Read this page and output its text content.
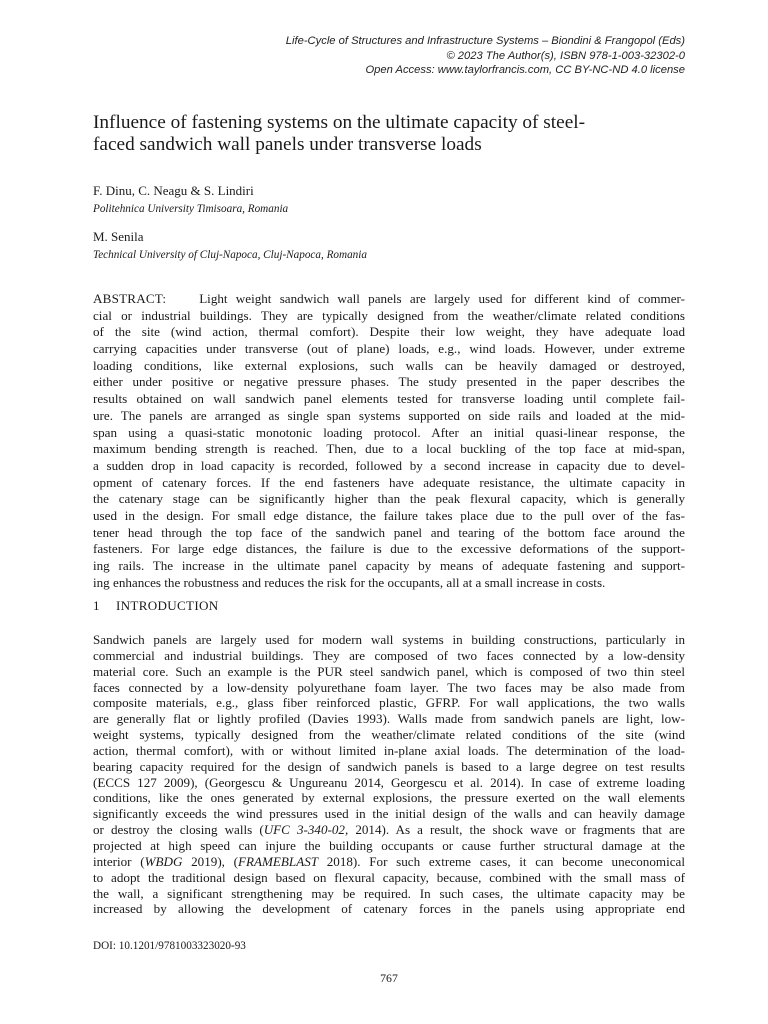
Life-Cycle of Structures and Infrastructure Systems – Biondini & Frangopol (Eds)
© 2023 The Author(s), ISBN 978-1-003-32302-0
Open Access: www.taylorfrancis.com, CC BY-NC-ND 4.0 license
Influence of fastening systems on the ultimate capacity of steel-
faced sandwich wall panels under transverse loads
F. Dinu, C. Neagu & S. Lindiri
Politehnica University Timisoara, Romania
M. Senila
Technical University of Cluj-Napoca, Cluj-Napoca, Romania
ABSTRACT:	Light weight sandwich wall panels are largely used for different kind of commer-
cial or industrial buildings. They are typically designed from the weather/climate related conditions
of the site (wind action, thermal comfort). Despite their low weight, they have adequate load
carrying capacities under transverse (out of plane) loads, e.g., wind loads. However, under extreme
loading conditions, like external explosions, such walls can be heavily damaged or destroyed,
either under positive or negative pressure phases. The study presented in the paper describes the
results obtained on wall sandwich panel elements tested for transverse loading until complete fail-
ure. The panels are arranged as single span systems supported on side rails and loaded at the mid-
span using a quasi-static monotonic loading protocol. After an initial quasi-linear response, the
maximum bending strength is reached. Then, due to a local buckling of the top face at mid-span,
a sudden drop in load capacity is recorded, followed by a second increase in capacity due to devel-
opment of catenary forces. If the end fasteners have adequate resistance, the ultimate capacity in
the catenary stage can be significantly higher than the peak flexural capacity, which is generally
used in the design. For small edge distance, the failure takes place due to the pull over of the fas-
tener head through the top face of the sandwich panel and tearing of the bottom face around the
fasteners. For large edge distances, the failure is due to the excessive deformations of the support-
ing rails. The increase in the ultimate panel capacity by means of adequate fastening and support-
ing enhances the robustness and reduces the risk for the occupants, all at a small increase in costs.
1 INTRODUCTION
Sandwich panels are largely used for modern wall systems in building constructions, particularly in
commercial and industrial buildings. They are composed of two faces connected by a low-density
material core. Such an example is the PUR steel sandwich panel, which is composed of two thin steel
faces connected by a low-density polyurethane foam layer. The two faces may be also made from
composite materials, e.g., glass fiber reinforced plastic, GFRP. For wall applications, the two walls
are generally flat or lightly profiled (Davies 1993). Walls made from sandwich panels are light, low-
weight systems, typically designed from the weather/climate related conditions of the site (wind
action, thermal comfort), with or without limited in-plane axial loads. The determination of the load-
bearing capacity required for the design of sandwich panels is based to a large degree on test results
(ECCS 127 2009), (Georgescu & Ungureanu 2014, Georgescu et al. 2014). In case of extreme loading
conditions, like the ones generated by external explosions, the pressure exerted on the wall elements
significantly exceeds the wind pressures used in the initial design of the walls and can heavily damage
or destroy the closing walls (UFC 3-340-02, 2014). As a result, the shock wave or fragments that are
projected at high speed can injure the building occupants or cause further structural damage at the
interior (WBDG 2019), (FRAMEBLAST 2018). For such extreme cases, it can become uneconomical
to adopt the traditional design based on flexural capacity, because, combined with the small mass of
the wall, a significant strengthening may be required. In such cases, the ultimate capacity may be
increased by allowing the development of catenary forces in the panels using appropriate end
DOI: 10.1201/9781003323020-93
767
